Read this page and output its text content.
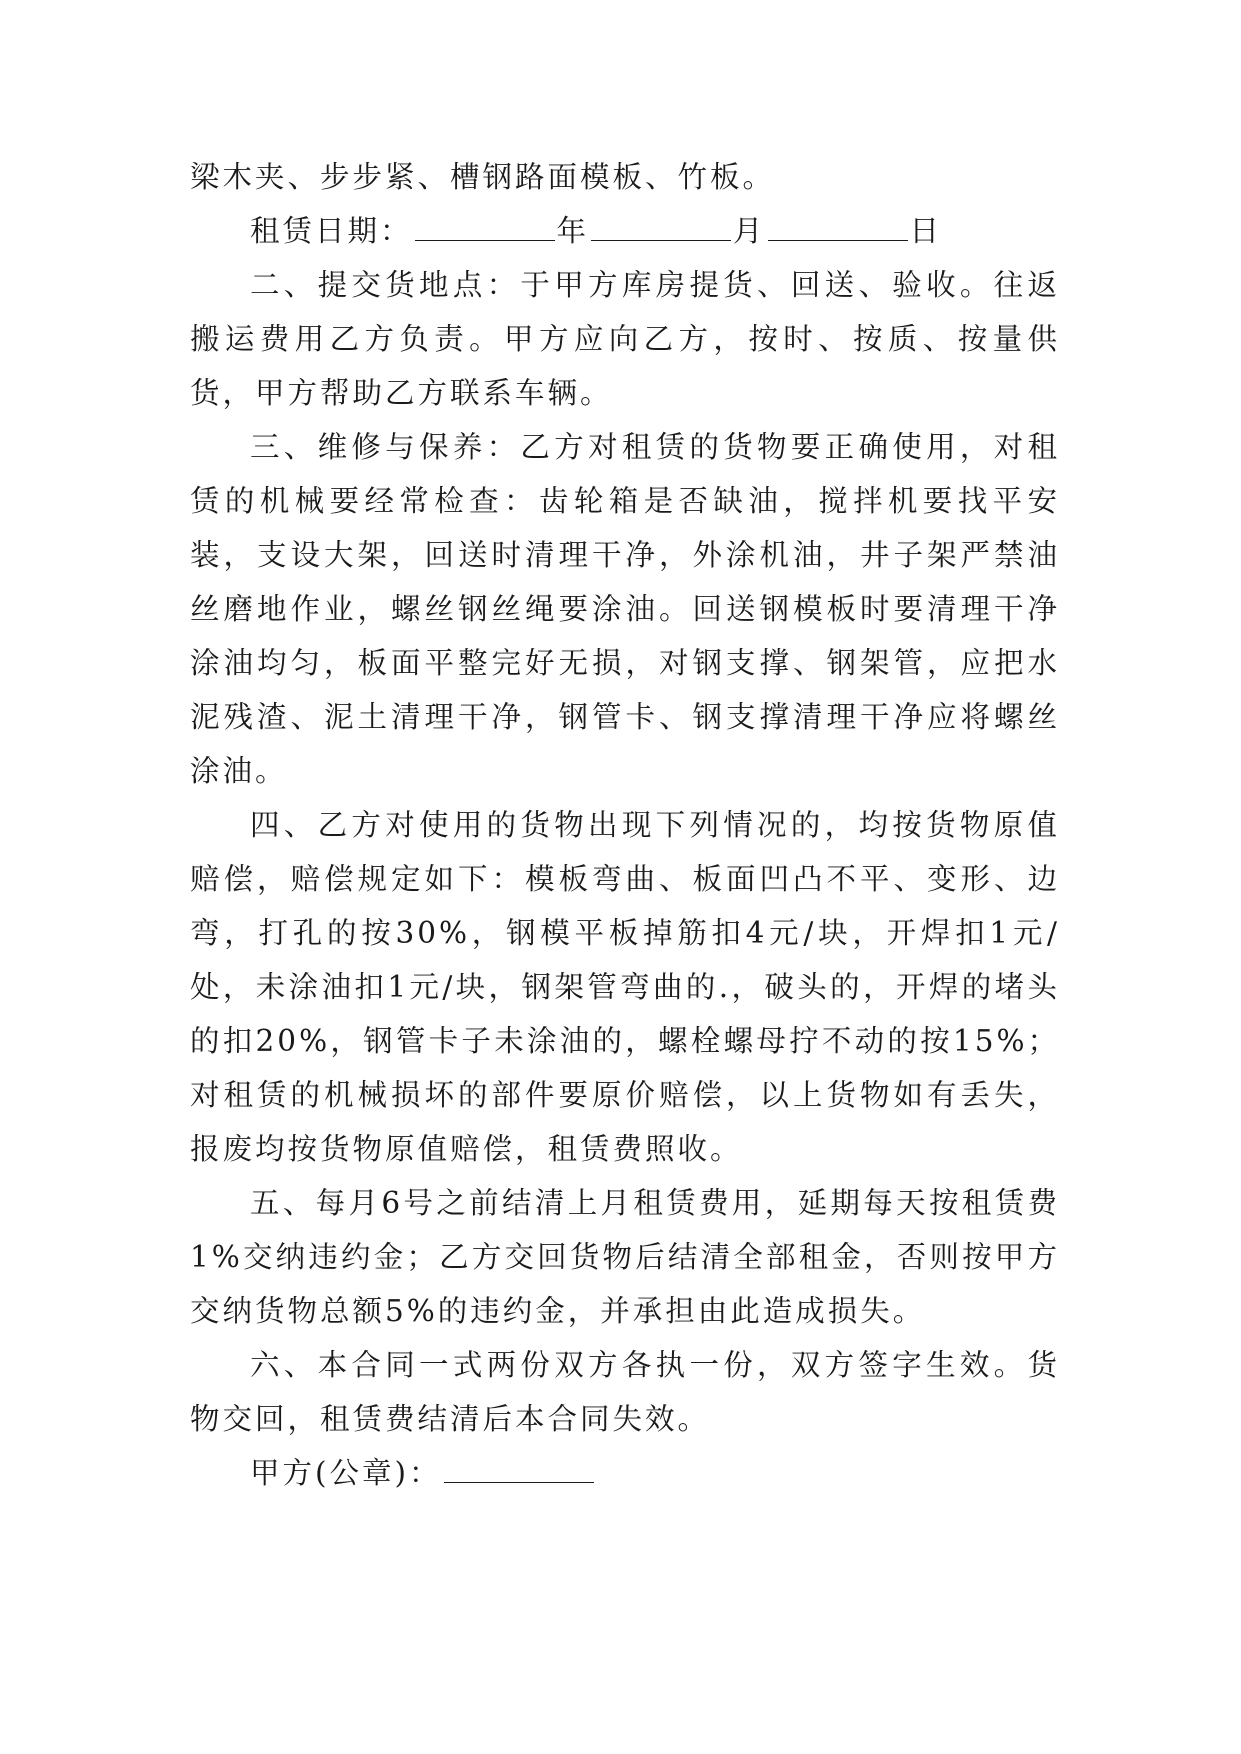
梁木夹、步步紧、槽钢路面模板、竹板。

租赁日期：	年	月	日

二、提交货地点：于甲方库房提货、回送、验收。往返搬运费用乙方负责。甲方应向乙方，按时、按质、按量供货，甲方帮助乙方联系车辆。

三、维修与保养：乙方对租赁的货物要正确使用，对租赁的机械要经常检查：齿轮箱是否缺油，搅拌机要找平安装，支设大架，回送时清理干净，外涂机油，井子架严禁油丝磨地作业，螺丝钢丝绳要涂油。回送钢模板时要清理干净涂油均匀，板面平整完好无损，对钢支撑、钢架管，应把水泥残渣、泥土清理干净，钢管卡、钢支撑清理干净应将螺丝涂油。

四、乙方对使用的货物出现下列情况的，均按货物原值赔偿，赔偿规定如下：模板弯曲、板面凹凸不平、变形、边弯，打孔的按30%，钢模平板掉筋扣4元/块，开焊扣1元/处，未涂油扣1元/块，钢架管弯曲的.，破头的，开焊的堵头的扣20%，钢管卡子未涂油的，螺栓螺母拧不动的按15%；对租赁的机械损坏的部件要原价赔偿，以上货物如有丢失，报废均按货物原值赔偿，租赁费照收。

五、每月6号之前结清上月租赁费用，延期每天按租赁费1%交纳违约金；乙方交回货物后结清全部租金，否则按甲方交纳货物总额5%的违约金，并承担由此造成损失。

六、本合同一式两份双方各执一份，双方签字生效。货物交回，租赁费结清后本合同失效。

甲方(公章)：
